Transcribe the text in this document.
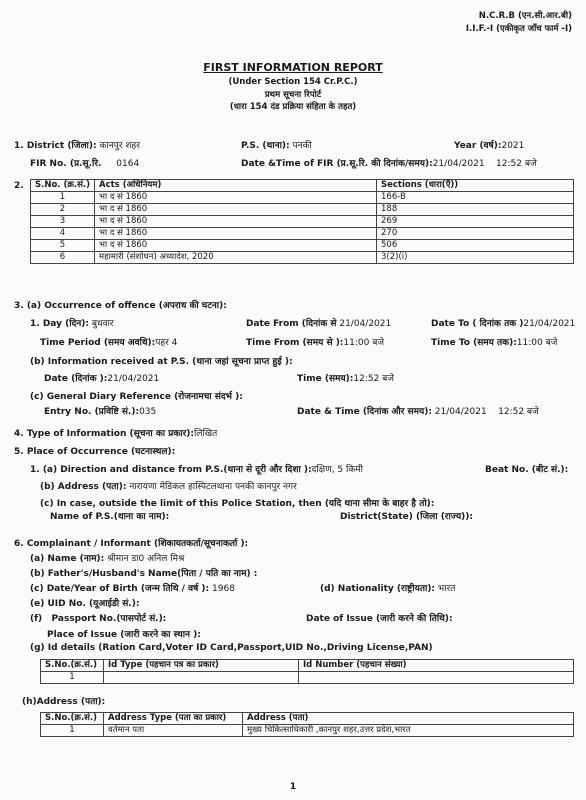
N.C.R.B (एन.सी.आर.बी)
I.I.F.-I (एकीकृत जाँच फार्म -I)
FIRST INFORMATION REPORT
(Under Section 154 Cr.P.C.)
प्रथम सूचना रिपोर्ट
(धारा 154 दंड प्रक्रिया संहिता के तहत)
1. District (जिला): कानपुर शहर	P.S. (थाना): पनकी	Year (वर्ष):2021
FIR No. (प्र.सू.रि. 0164	Date &Time of FIR (प्र.सू.रि. की दिनांक/समय):21/04/2021    12:52 बजे
2. S.No. (क्र.सं.)	Acts (अधिनियम)	Sections (धारा(एँ))
1	भा द सं 1860	166-B
2	भा द सं 1860	188
3	भा द सं 1860	269
4	भा द सं 1860	270
5	भा द सं 1860	506
6	महामारी (संशोधन) अध्यादेश, 2020	3(2)(i)
3. (a) Occurrence of offence (अपराध की घटना):
1. Day (दिन): बुधवार	Date From (दिनांक से 21/04/2021	Date To ( दिनांक तक )21/04/2021
Time Period (समय अवधि):पहर 4	Time From (समय से ):11:00 बजे	Time To (समय तक):11:00 बजे
(b) Information received at P.S. (थाना जहां सूचना प्राप्त हुई ):
Date (दिनांक ):21/04/2021	Time (समय):12:52 बजे
(c) General Diary Reference (रोजनामचा संदर्भ ):
Entry No. (प्रविष्टि सं.):035	Date & Time (दिनांक और समय): 21/04/2021    12:52 बजे
4. Type of Information (सूचना का प्रकार):लिखित
5. Place of Occurrence (घटनास्थल):
1. (a) Direction and distance from P.S.(थाना से दूरी और दिशा ):दक्षिण, 5 किमी	Beat No. (बीट सं.):
(b) Address (पता): नारायणा मेडिकल हास्पिटलथाना पनकी कानपुर नगर
(c) In case, outside the limit of this Police Station, then (यदि थाना सीमा के बाहर है तो):
Name of P.S.(थाना का नाम):	District(State) (जिला (राज्य)):
6. Complainant / Informant (शिकायतकर्ता/सूचनाकर्ता ):
(a) Name (नाम): श्रीमान डा0 अनिल मिश्र
(b) Father's/Husband's Name(पिता / पति का नाम) :
(c) Date/Year of Birth (जन्म तिथि / वर्ष ): 1968	(d) Nationality (राष्ट्रीयता): भारत
(e) UID No. (यूआईडी सं.):
(f)   Passport No.(पासपोर्ट सं.):	Date of Issue (जारी करने की तिथि):
Place of Issue (जारी करने का स्थान ):
(g) Id details (Ration Card,Voter ID Card,Passport,UID No.,Driving License,PAN)
S.No.(क्र.सं.)	Id Type (पहचान पत्र का प्रकार)	Id Number (पहचान संख्या)
1		
(h)Address (पता):
S.No.(क्र.सं.)	Address Type (पता का प्रकार)	Address (पता)
1	वर्तमान पता	मुख्य चिकित्साधिकारी ,कानपुर शहर,उत्तर प्रदेश,भारत
1
